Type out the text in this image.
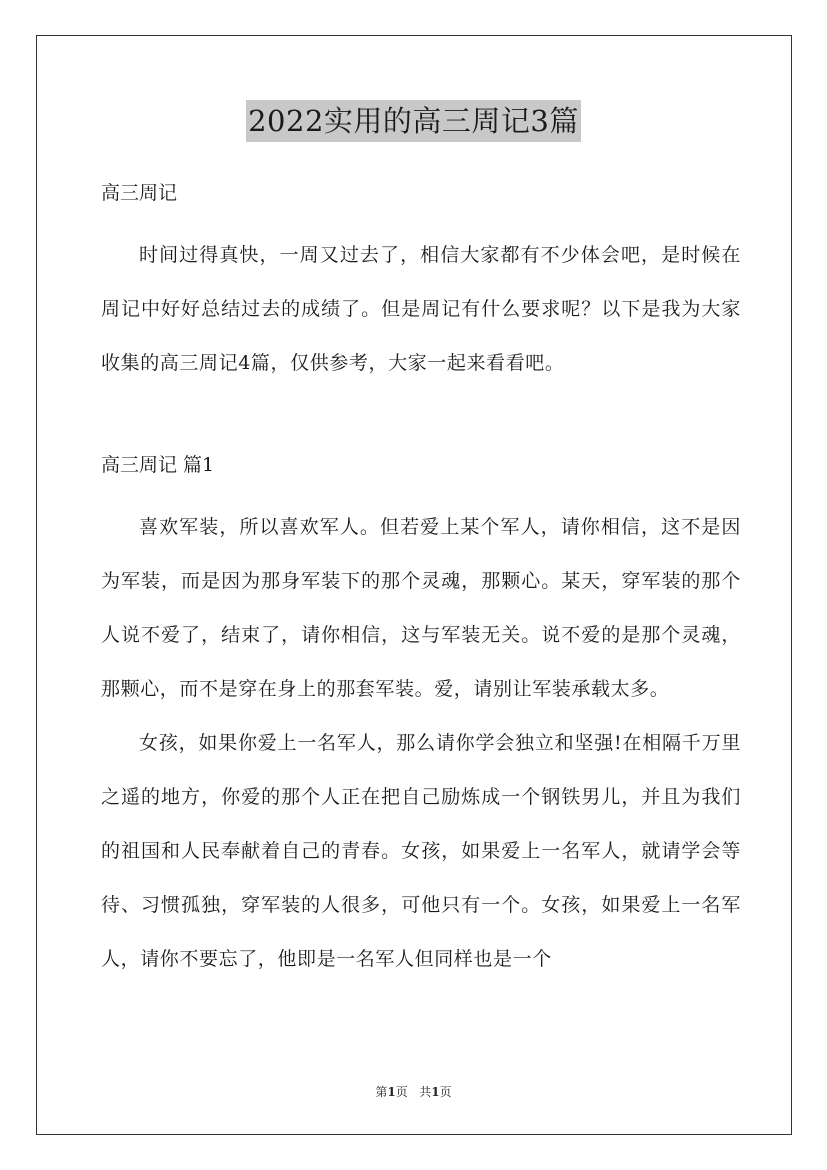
2022实用的高三周记3篇

高三周记

时间过得真快，一周又过去了，相信大家都有不少体会吧，是时候在周记中好好总结过去的成绩了。但是周记有什么要求呢？以下是我为大家收集的高三周记4篇，仅供参考，大家一起来看看吧。

高三周记 篇1

喜欢军装，所以喜欢军人。但若爱上某个军人，请你相信，这不是因为军装，而是因为那身军装下的那个灵魂，那颗心。某天，穿军装的那个人说不爱了，结束了，请你相信，这与军装无关。说不爱的是那个灵魂，那颗心，而不是穿在身上的那套军装。爱，请别让军装承载太多。

女孩，如果你爱上一名军人，那么请你学会独立和坚强!在相隔千万里之遥的地方，你爱的那个人正在把自己励炼成一个钢铁男儿，并且为我们的祖国和人民奉献着自己的青春。女孩，如果爱上一名军人，就请学会等待、习惯孤独，穿军装的人很多，可他只有一个。女孩，如果爱上一名军人，请你不要忘了，他即是一名军人但同样也是一个

第1页 共1页
